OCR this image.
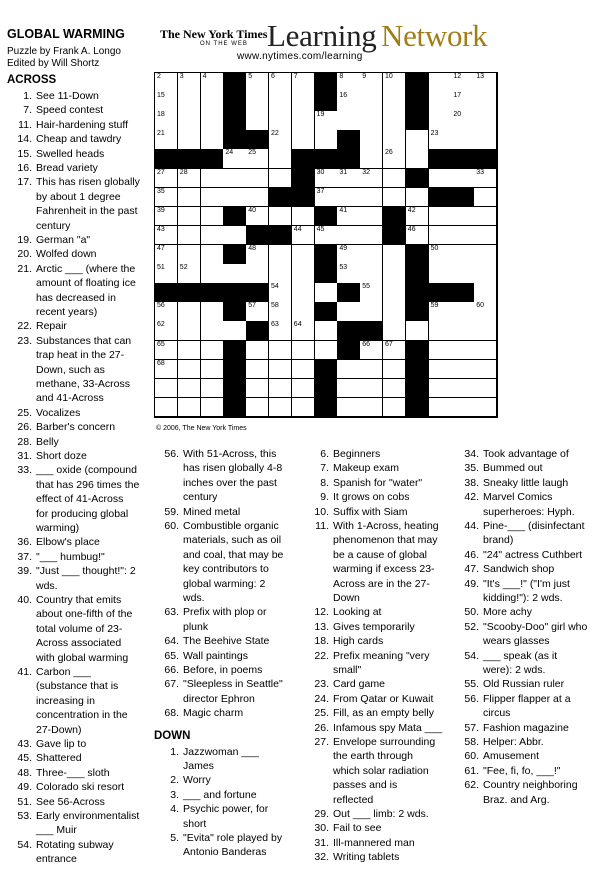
GLOBAL WARMING
Puzzle by Frank A. Longo
Edited by Will Shortz
The New York Times
ON THE WEB Learning Network
www.nytimes.com/learning
2	3	4	5	6	7	8	9	10	12 13
15	16	17
18	19	20
21	22	23
24 25	26
27 28	30 31 32	33
35	37
39	40	41	42
43	44 45	46
47	48	49	50
51 52	53
54	55
56	57 58	59	60
62	63 64
65	66 67
68
© 2006, The New York Times
ACROSS
1. See 11-Down
7. Speed contest
11. Hair-hardening stuff
14. Cheap and tawdry
15. Swelled heads
16. Bread variety
17. This has risen globally
by about 1 degree
Fahrenheit in the past
century
19. German "a"
20. Wolfed down
21. Arctic ___ (where the
amount of floating ice
has decreased in
recent years)
22. Repair
23. Substances that can
trap heat in the 27-
Down, such as
methane, 33-Across
and 41-Across
25. Vocalizes
26. Barber's concern
28. Belly
31. Short doze
33. ___ oxide (compound
that has 296 times the
effect of 41-Across
for producing global
warming)
36. Elbow's place
37. "___ humbug!"
39. "Just ___ thought!": 2
wds.
40. Country that emits
about one-fifth of the
total volume of 23-
Across associated
with global warming
41. Carbon ___
(substance that is
increasing in
concentration in the
27-Down)
43. Gave lip to
45. Shattered
48. Three-___ sloth
49. Colorado ski resort
51. See 56-Across
53. Early environmentalist
___ Muir
54. Rotating subway
entrance
56. With 51-Across, this
has risen globally 4-8
inches over the past
century
59. Mined metal
60. Combustible organic
materials, such as oil
and coal, that may be
key contributors to
global warming: 2
wds.
63. Prefix with plop or
plunk
64. The Beehive State
65. Wall paintings
66. Before, in poems
67. "Sleepless in Seattle"
director Ephron
68. Magic charm
DOWN
1. Jazzwoman ___
James
2. Worry
3. ___ and fortune
4. Psychic power, for
short
5. "Evita" role played by
Antonio Banderas
6. Beginners
7. Makeup exam
8. Spanish for "water"
9. It grows on cobs
10. Suffix with Siam
11. With 1-Across, heating
phenomenon that may
be a cause of global
warming if excess 23-
Across are in the 27-
Down
12. Looking at
13. Gives temporarily
18. High cards
22. Prefix meaning "very
small"
23. Card game
24. From Qatar or Kuwait
25. Fill, as an empty belly
26. Infamous spy Mata ___
27. Envelope surrounding
the earth through
which solar radiation
passes and is
reflected
29. Out ___ limb: 2 wds.
30. Fail to see
31. Ill-mannered man
32. Writing tablets
34. Took advantage of
35. Bummed out
38. Sneaky little laugh
42. Marvel Comics
superheroes: Hyph.
44. Pine-___ (disinfectant
brand)
46. "24" actress Cuthbert
47. Sandwich shop
49. "It's ___!" ("I'm just
kidding!"): 2 wds.
50. More achy
52. "Scooby-Doo" girl who
wears glasses
54. ___ speak (as it
were): 2 wds.
55. Old Russian ruler
56. Flipper flapper at a
circus
57. Fashion magazine
58. Helper: Abbr.
60. Amusement
61. "Fee, fi, fo, ___!"
62. Country neighboring
Braz. and Arg.
